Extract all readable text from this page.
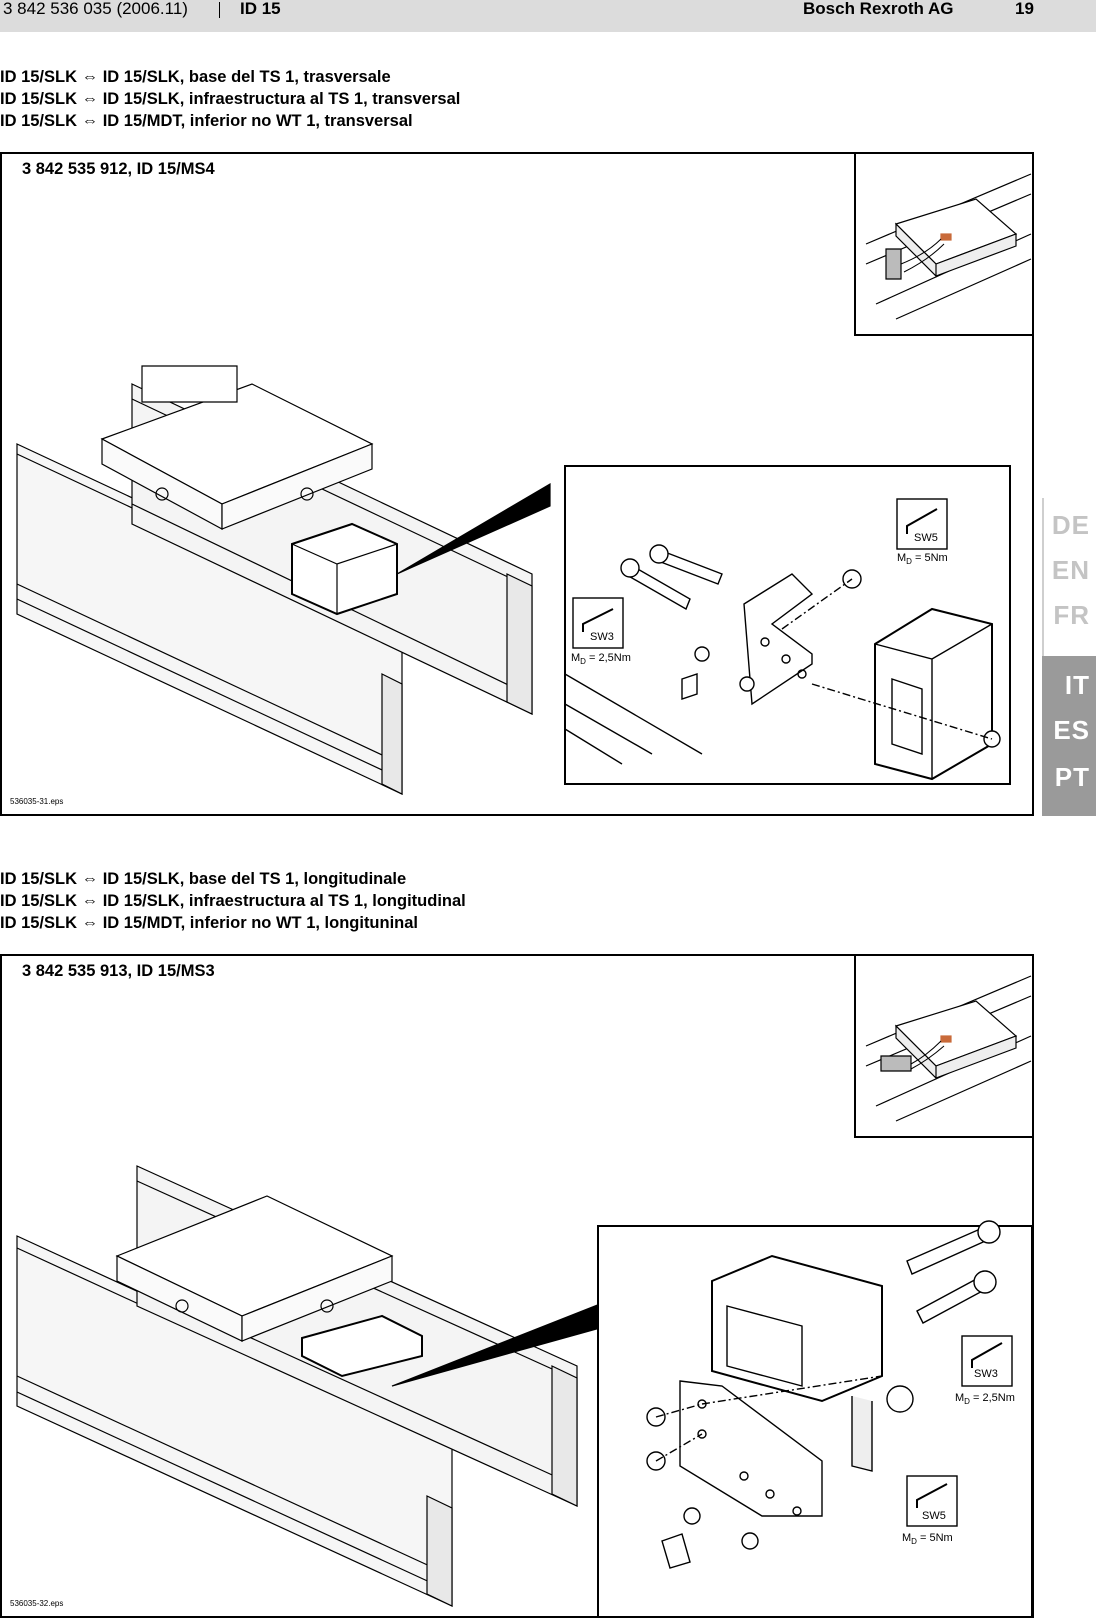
3 842 536 035 (2006.11)	ID 15	Bosch Rexroth AG	19
ID 15/SLK ⇔ ID 15/SLK, base del TS 1, trasversale
ID 15/SLK ⇔ ID 15/SLK, infraestructura al TS 1, transversal
ID 15/SLK ⇔ ID 15/MDT, inferior no WT 1, transversal
3 842 535 912, ID 15/MS4
SW5
$M_D = 5Nm$
SW3
$M_D = 2,5Nm$
536035-31.eps
ID 15/SLK ⇔ ID 15/SLK, base del TS 1, longitudinale
ID 15/SLK ⇔ ID 15/SLK, infraestructura al TS 1, longitudinal
ID 15/SLK ⇔ ID 15/MDT, inferior no WT 1, longituninal
3 842 535 913, ID 15/MS3
SW3
$M_D = 2,5Nm$
SW5
$M_D = 5Nm$
536035-32.eps
DE
EN
FR
IT
ES
PT
